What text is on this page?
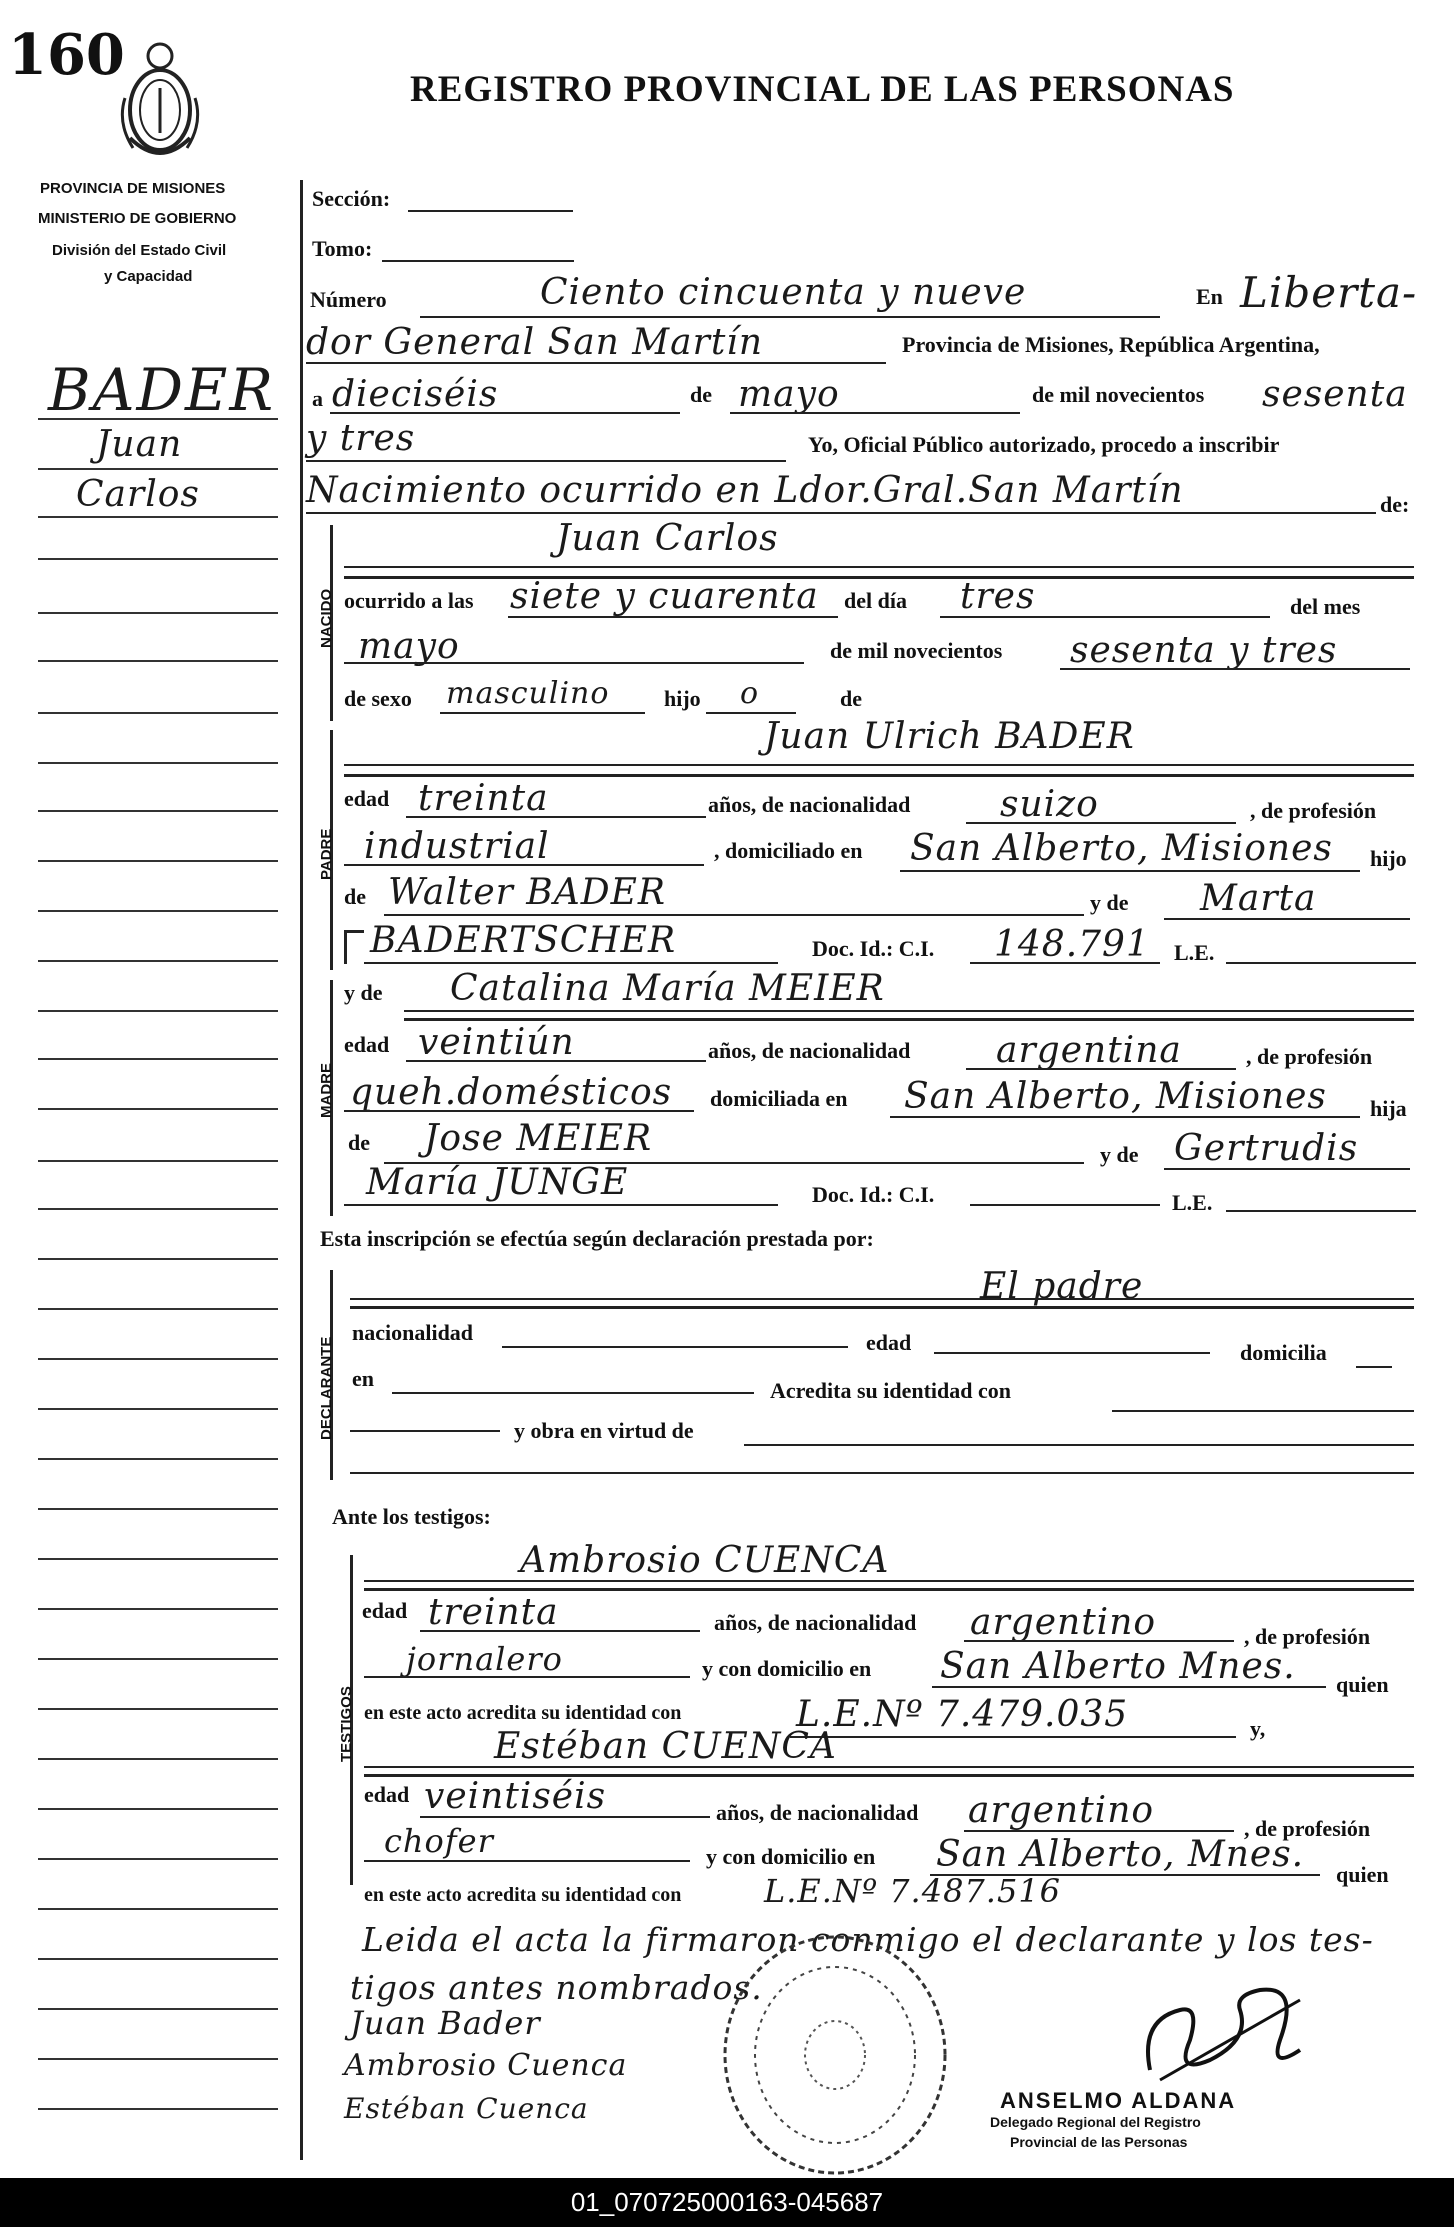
160
REGISTRO PROVINCIAL DE LAS PERSONAS
PROVINCIA DE MISIONES
MINISTERIO DE GOBIERNO
División del Estado Civil
y Capacidad
BADER
Juan
Carlos
Sección:
Tomo:
Número	Ciento cincuenta y nueve	En Liberta-
dor General San Martín	Provincia de Misiones, República Argentina,
a dieciséis	de mayo	de mil novecientos sesenta
y tres	Yo, Oficial Público autorizado, procedo a inscribir
Nacimiento ocurrido en Ldor.Gral.San Martín	de:
NACIDO
Juan Carlos
ocurrido a las siete y cuarenta del día tres	del mes
mayo	de mil novecientos sesenta y tres
de sexo masculino hijo o	de
PADRE
Juan Ulrich BADER
edad treinta	años, de nacionalidad suizo	, de profesión
industrial	, domiciliado en San Alberto, Misiones hijo
de Walter BADER	y de Marta
BADERTSCHER	Doc. Id.: C.I. 148.791 L.E.
MADRE
y de Catalina María MEIER
edad veintiún	años, de nacionalidad argentina	, de profesión
queh.domésticos domiciliada en San Alberto, Misiones hija
de Jose MEIER	y de Gertrudis
María JUNGE	Doc. Id.: C.I.	L.E.
Esta inscripción se efectúa según declaración prestada por:
DECLARANTE
El padre
nacionalidad	edad	domicilia
en	Acredita su identidad con
y obra en virtud de
Ante los testigos:
TESTIGOS
Ambrosio CUENCA
edad treinta	años, de nacionalidad argentino	, de profesión
jornalero	y con domicilio en San Alberto Mnes. quien
en este acto acredita su identidad con	L.E.Nº 7.479.035	y,
Estéban CUENCA
edad veintiséis	años, de nacionalidad argentino	, de profesión
chofer	y con domicilio en San Alberto, Mnes. quien
en este acto acredita su identidad con	L.E.Nº 7.487.516
Leida el acta la firmaron conmigo el declarante y los tes-
tigos antes nombrados.
Juan Bader
Ambrosio Cuenca
Estéban Cuenca	ANSELMO ALDANA
Delegado Regional del Registro
Provincial de las Personas
01_070725000163-045687
